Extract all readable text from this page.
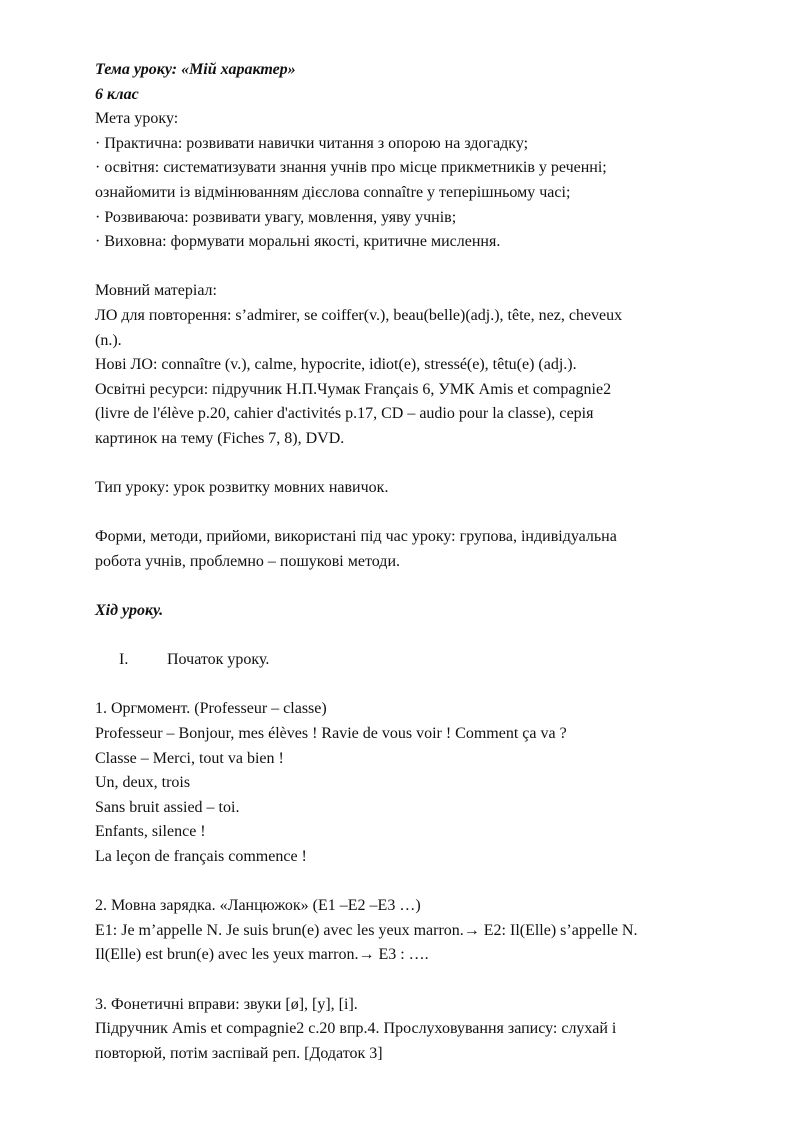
Тема уроку: «Мій характер»
6 клас
Мета уроку:
· Практична: розвивати навички читання з опорою на здогадку;
· освітня: систематизувати знання учнів про місце прикметників у реченні;
ознайомити із відмінюванням дієслова connaître у теперішньому часі;
· Розвиваюча: розвивати увагу, мовлення, уяву учнів;
· Виховна: формувати моральні якості, критичне мислення.
Мовний матеріал:
ЛО для повторення: s’admirer, se coiffer(v.), beau(belle)(adj.), tête, nez, cheveux
(n.).
Нові ЛО: connaître (v.), calme, hypocrite, idiot(e), stressé(e), têtu(e) (adj.).
Освітні ресурси: підручник Н.П.Чумак Français 6, УМК Amis et compagnie2
(livre de l'élève p.20, cahier d'activités p.17, CD – audio pour la classe), серія
картинок на тему (Fiches 7, 8), DVD.
Тип уроку: урок розвитку мовних навичок.
Форми, методи, прийоми, використані під час уроку: групова, індивідуальна
робота учнів, проблемно – пошукові методи.
Хід уроку.
I. Початок уроку.
1. Оргмомент. (Professeur – classe)
Professeur – Bonjour, mes élèves ! Ravie de vous voir ! Comment ça va ?
Classe – Merci, tout va bien !
Un, deux, trois
Sans bruit assied – toi.
Enfants, silence !
La leçon de français commence !
2. Мовна зарядка. «Ланцюжок» (E1 –E2 –E3 …)
E1: Je m’appelle N. Je suis brun(e) avec les yeux marron.→ E2: Il(Elle) s’appelle N.
Il(Elle) est brun(e) avec les yeux marron.→ E3 : ….
3. Фонетичні вправи: звуки [ø], [y], [i].
Підручник Amis et compagnie2 с.20 впр.4. Прослуховування запису: слухай і
повторюй, потім заспівай реп. [Додаток 3]
